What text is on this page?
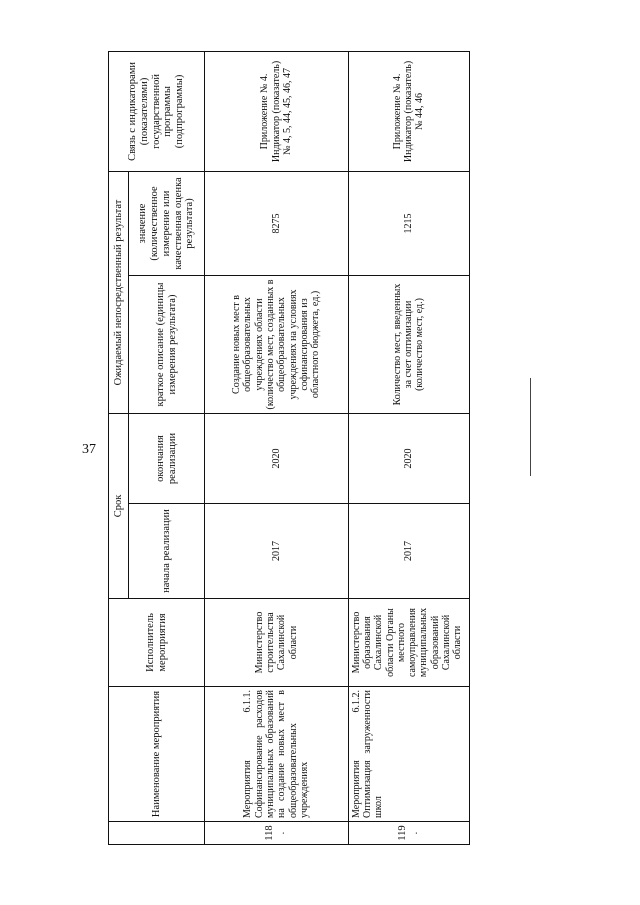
37
	Наименование мероприятия	Исполнитель мероприятия	Срок		Ожидаемый непосредственный результат		Связь с индикаторами (показателями) государственной программы (подпрограммы)
			начала реализации	окончания реализации	краткое описание (единицы измерения результата)	значение (количественное измерение или качественная оценка результата)	
118.	Мероприятия 6.1.1. Софинансирование расходов муниципальных образований на создание новых мест в общеобразовательных учреждениях	Министерство строительства Сахалинской области	2017	2020	Создание новых мест в общеобразовательных учреждениях области (количество мест, созданных в общеобразовательных учреждениях на условиях софинансирования из областного бюджета, ед.)	8275	Приложение № 4. Индикатор (показатель) № 4, 5, 44, 45, 46, 47
119.	Мероприятия 6.1.2. Оптимизация загруженности школ	Министерство образования Сахалинской области Органы местного самоуправления муниципальных образований Сахалинской области	2017	2020	Количество мест, введенных за счет оптимизации (количество мест, ед.)	1215	Приложение № 4. Индикатор (показатель) № 44, 46
